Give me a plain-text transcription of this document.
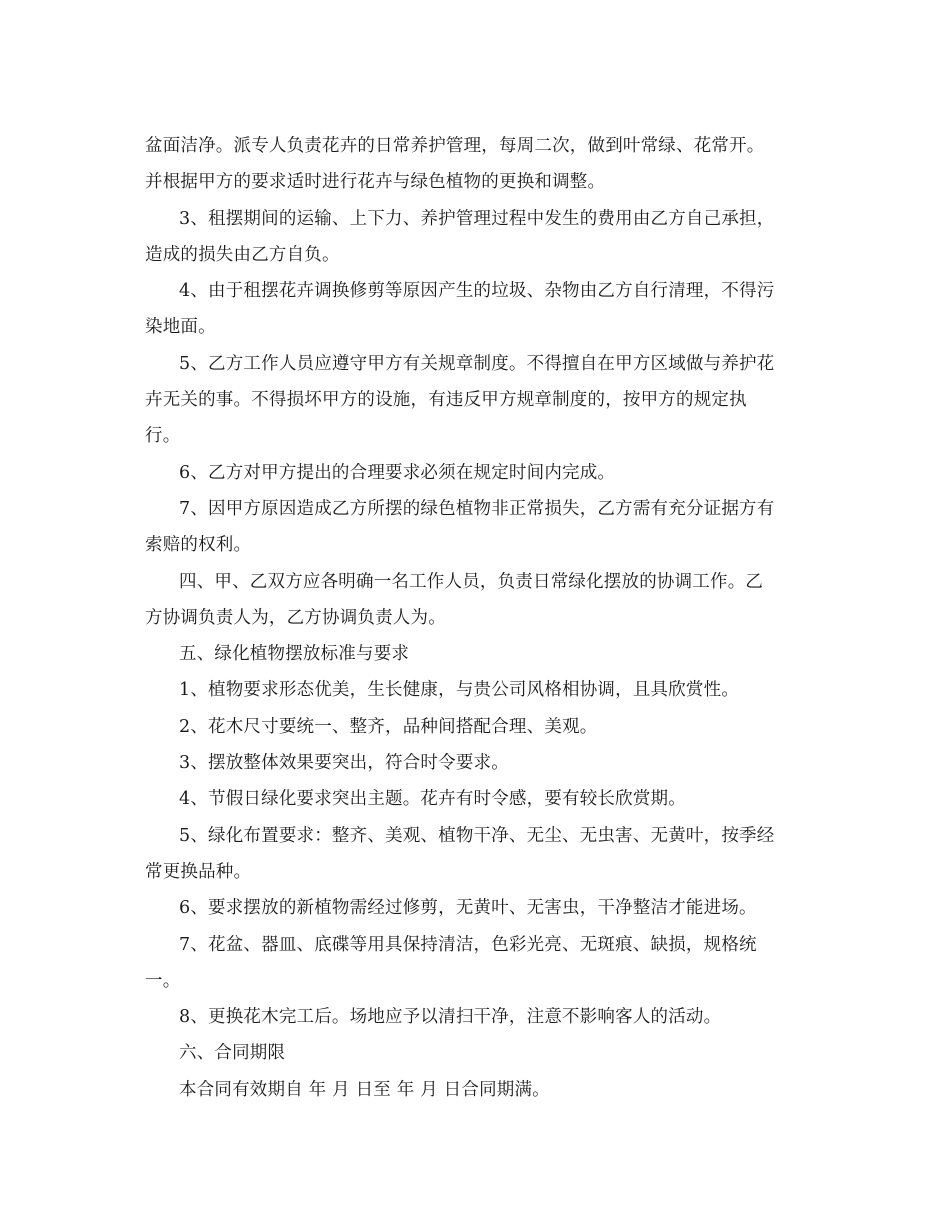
盆面洁净。派专人负责花卉的日常养护管理，每周二次，做到叶常绿、花常开。
并根据甲方的要求适时进行花卉与绿色植物的更换和调整。
3、租摆期间的运输、上下力、养护管理过程中发生的费用由乙方自己承担，
造成的损失由乙方自负。
4、由于租摆花卉调换修剪等原因产生的垃圾、杂物由乙方自行清理，不得污
染地面。
5、乙方工作人员应遵守甲方有关规章制度。不得擅自在甲方区域做与养护花
卉无关的事。不得损坏甲方的设施，有违反甲方规章制度的，按甲方的规定执
行。
6、乙方对甲方提出的合理要求必须在规定时间内完成。
7、因甲方原因造成乙方所摆的绿色植物非正常损失，乙方需有充分证据方有
索赔的权利。
四、甲、乙双方应各明确一名工作人员，负责日常绿化摆放的协调工作。乙
方协调负责人为，乙方协调负责人为。
五、绿化植物摆放标准与要求
1、植物要求形态优美，生长健康，与贵公司风格相协调，且具欣赏性。
2、花木尺寸要统一、整齐，品种间搭配合理、美观。
3、摆放整体效果要突出，符合时令要求。
4、节假日绿化要求突出主题。花卉有时令感，要有较长欣赏期。
5、绿化布置要求：整齐、美观、植物干净、无尘、无虫害、无黄叶，按季经
常更换品种。
6、要求摆放的新植物需经过修剪，无黄叶、无害虫，干净整洁才能进场。
7、花盆、器皿、底碟等用具保持清洁，色彩光亮、无斑痕、缺损，规格统
一。
8、更换花木完工后。场地应予以清扫干净，注意不影响客人的活动。
六、合同期限
本合同有效期自 年 月 日至 年 月 日合同期满。
